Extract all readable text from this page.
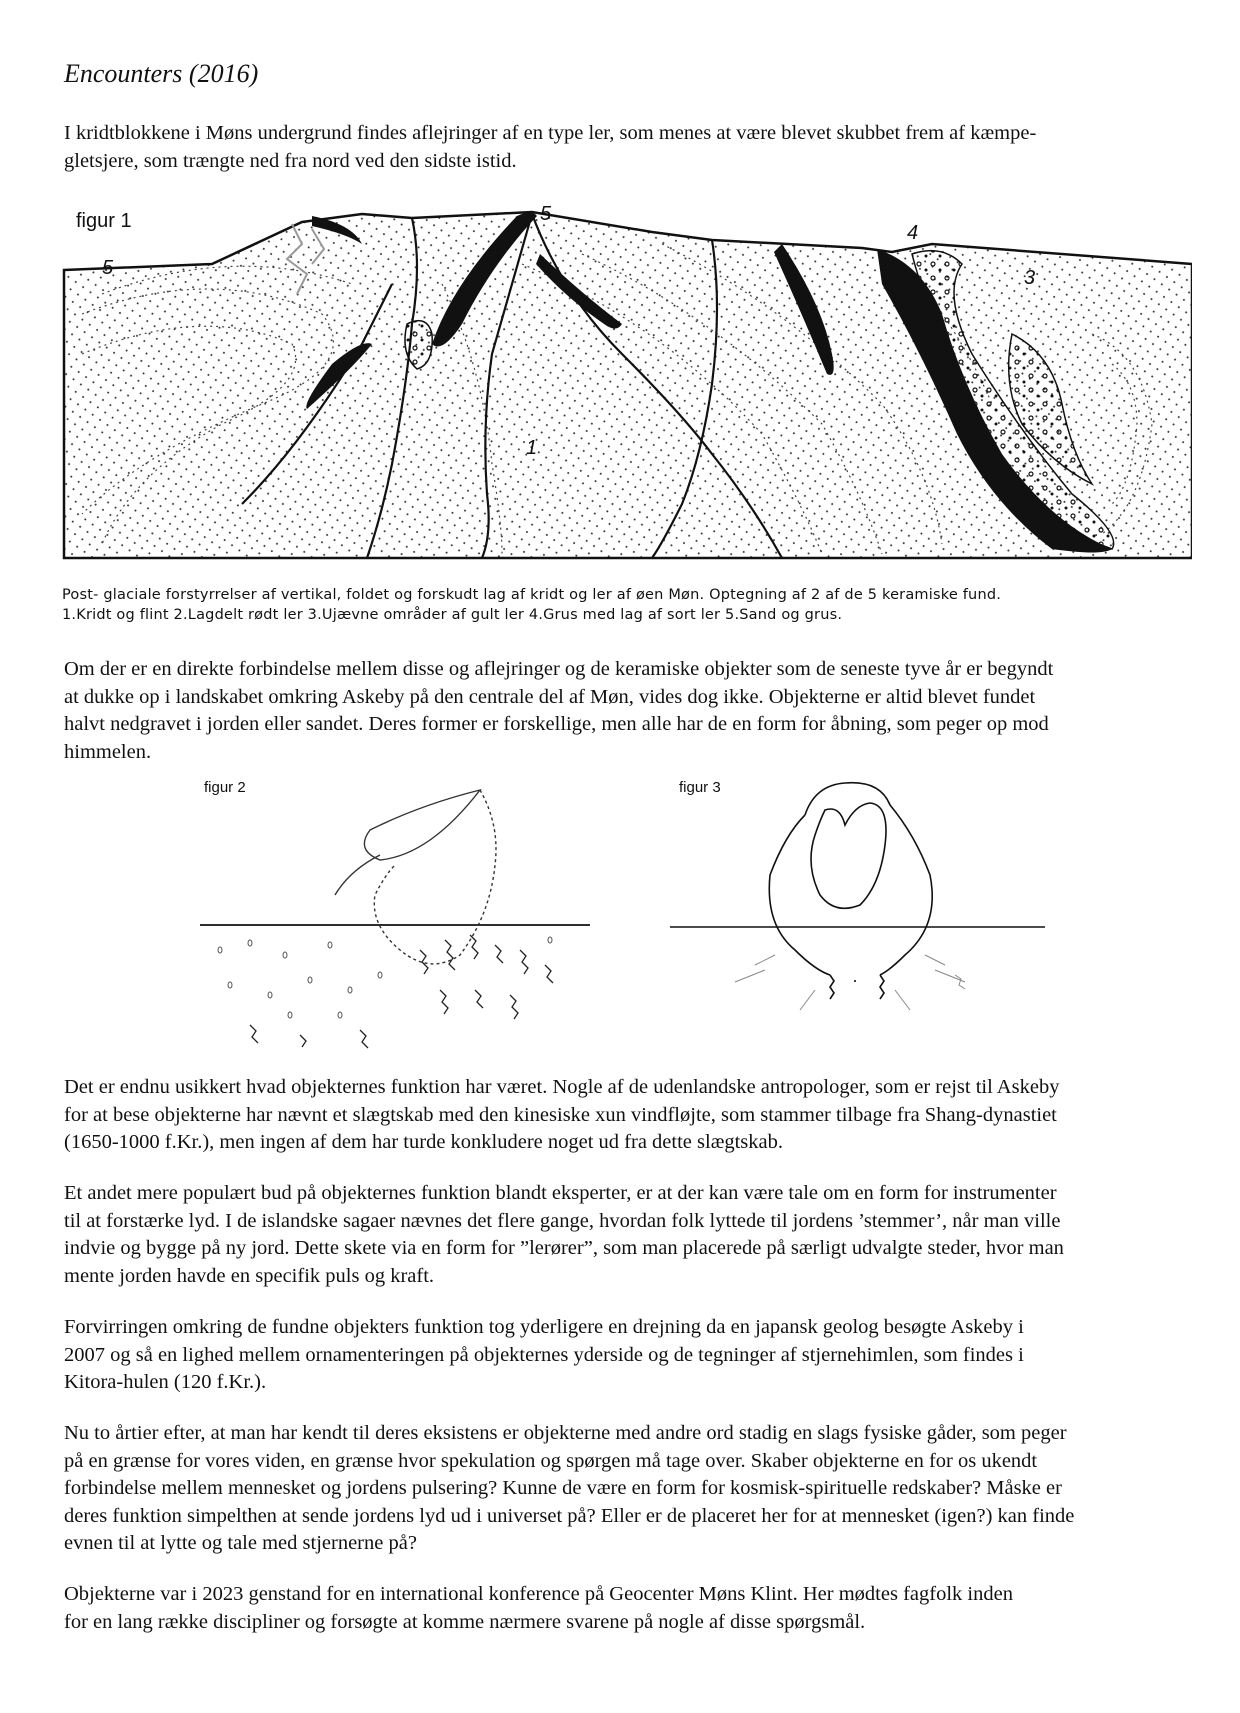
Encounters (2016)
I kridtblokkene i Møns undergrund findes aflejringer af en type ler, som menes at være blevet skubbet frem af kæmpe-
gletsjere, som trængte ned fra nord ved den sidste istid.
5
5
4
3
1
1
figur 1
Post- glaciale forstyrrelser af vertikal, foldet og forskudt lag af kridt og ler af øen Møn. Optegning af 2 af de 5 keramiske fund.
1.Kridt og flint 2.Lagdelt rødt ler 3.Ujævne områder af gult ler 4.Grus med lag af sort ler 5.Sand og grus.
Om der er en direkte forbindelse mellem disse og aflejringer og de keramiske objekter som de seneste tyve år er begyndt
at dukke op i landskabet omkring Askeby på den centrale del af Møn, vides dog ikke. Objekterne er altid blevet fundet
halvt nedgravet i jorden eller sandet. Deres former er forskellige, men alle har de en form for åbning, som peger op mod
himmelen.
figur 2	figur 3
Det er endnu usikkert hvad objekternes funktion har været. Nogle af de udenlandske antropologer, som er rejst til Askeby
for at bese objekterne har nævnt et slægtskab med den kinesiske xun vindfløjte, som stammer tilbage fra Shang-dynastiet
(1650-1000 f.Kr.), men ingen af dem har turde konkludere noget ud fra dette slægtskab.
Et andet mere populært bud på objekternes funktion blandt eksperter, er at der kan være tale om en form for instrumenter
til at forstærke lyd. I de islandske sagaer nævnes det flere gange, hvordan folk lyttede til jordens ’stemmer’, når man ville
indvie og bygge på ny jord. Dette skete via en form for ”lerører”, som man placerede på særligt udvalgte steder, hvor man
mente jorden havde en specifik puls og kraft.
Forvirringen omkring de fundne objekters funktion tog yderligere en drejning da en japansk geolog besøgte Askeby i
2007 og så en lighed mellem ornamenteringen på objekternes yderside og de tegninger af stjernehimlen, som findes i
Kitora-hulen (120 f.Kr.).
Nu to årtier efter, at man har kendt til deres eksistens er objekterne med andre ord stadig en slags fysiske gåder, som peger
på en grænse for vores viden, en grænse hvor spekulation og spørgen må tage over. Skaber objekterne en for os ukendt
forbindelse mellem mennesket og jordens pulsering? Kunne de være en form for kosmisk-spirituelle redskaber? Måske er
deres funktion simpelthen at sende jordens lyd ud i universet på? Eller er de placeret her for at mennesket (igen?) kan finde
evnen til at lytte og tale med stjernerne på?
Objekterne var i 2023 genstand for en international konference på Geocenter Møns Klint. Her mødtes fagfolk inden
for en lang række discipliner og forsøgte at komme nærmere svarene på nogle af disse spørgsmål.
